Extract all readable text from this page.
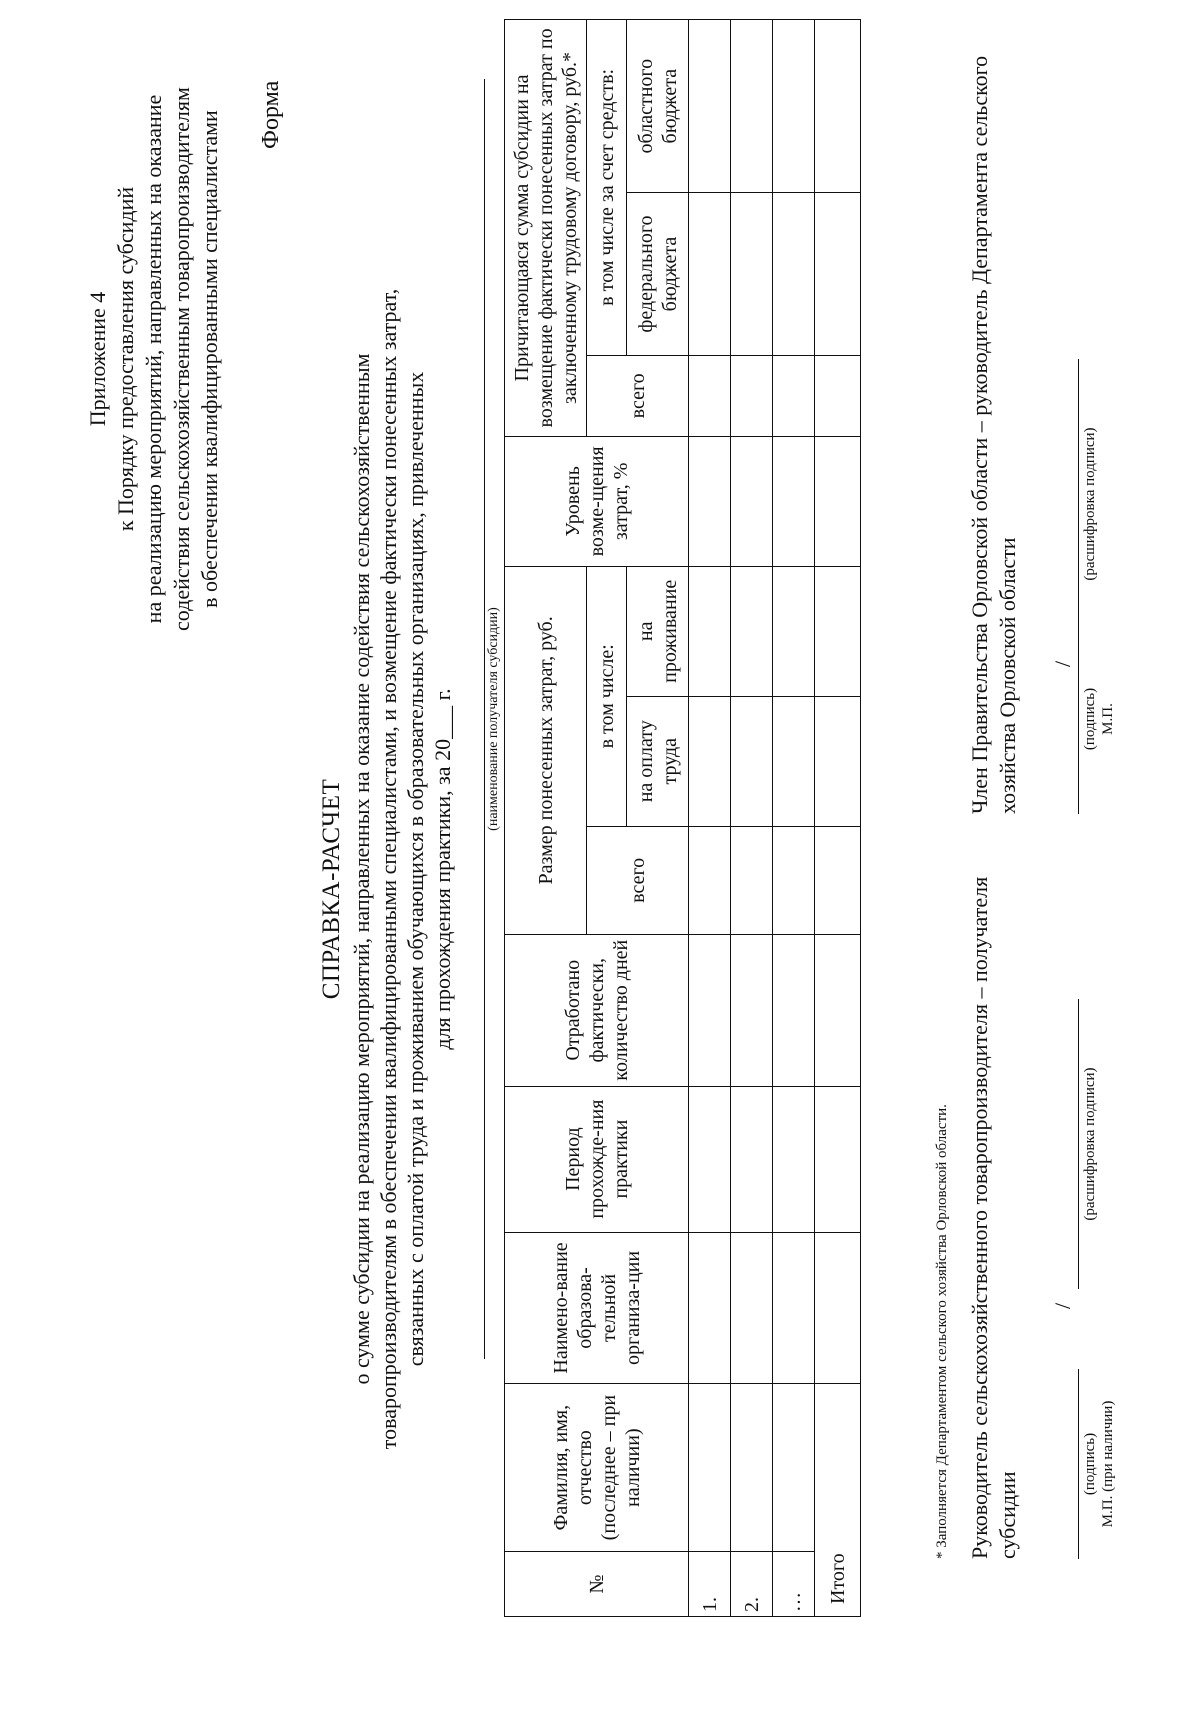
Приложение 4 к Порядку предоставления субсидий на реализацию мероприятий, направленных на оказание содействия сельскохозяйственным товаропроизводителям в обеспечении квалифицированными специалистами Форма
СПРАВКА-РАСЧЕТ о сумме субсидии на реализацию мероприятий, направленных на оказание содействия сельскохозяйственным товаропроизводителям в обеспечении квалифицированными специалистами, и возмещение фактически понесенных затрат, связанных с оплатой труда и проживанием обучающихся в образовательных организациях, привлеченных для прохождения практики, за 20___ г. (наименование получателя субсидии)
№	Фамилия, имя, отчество (последнее – при наличии)	Наимено-вание образова-тельной организа-ции	Период прохожде-ния практики	Отработано фактически, количество дней	Размер понесенных затрат, руб.			Уровень возме-щения затрат, %	Причитающаяся сумма субсидии на возмещение фактически понесенных затрат по заключенному трудовому договору, руб.*		
					всего	в том числе:			всего	в том числе за счет средств:	
						на оплату труда	на проживание			федерального бюджета	областного бюджета
1.											
2.											
…											
Итого											
* Заполняется Департаментом сельского хозяйства Орловской области. Руководитель сельскохозяйственного товаропроизводителя – получателя субсидии
Член Правительства Орловской области – руководитель Департамента сельского хозяйства Орловской области
/
(подпись) М.П. (при наличии)
(расшифровка подписи)
/
(подпись) М.П.
(расшифровка подписи)
